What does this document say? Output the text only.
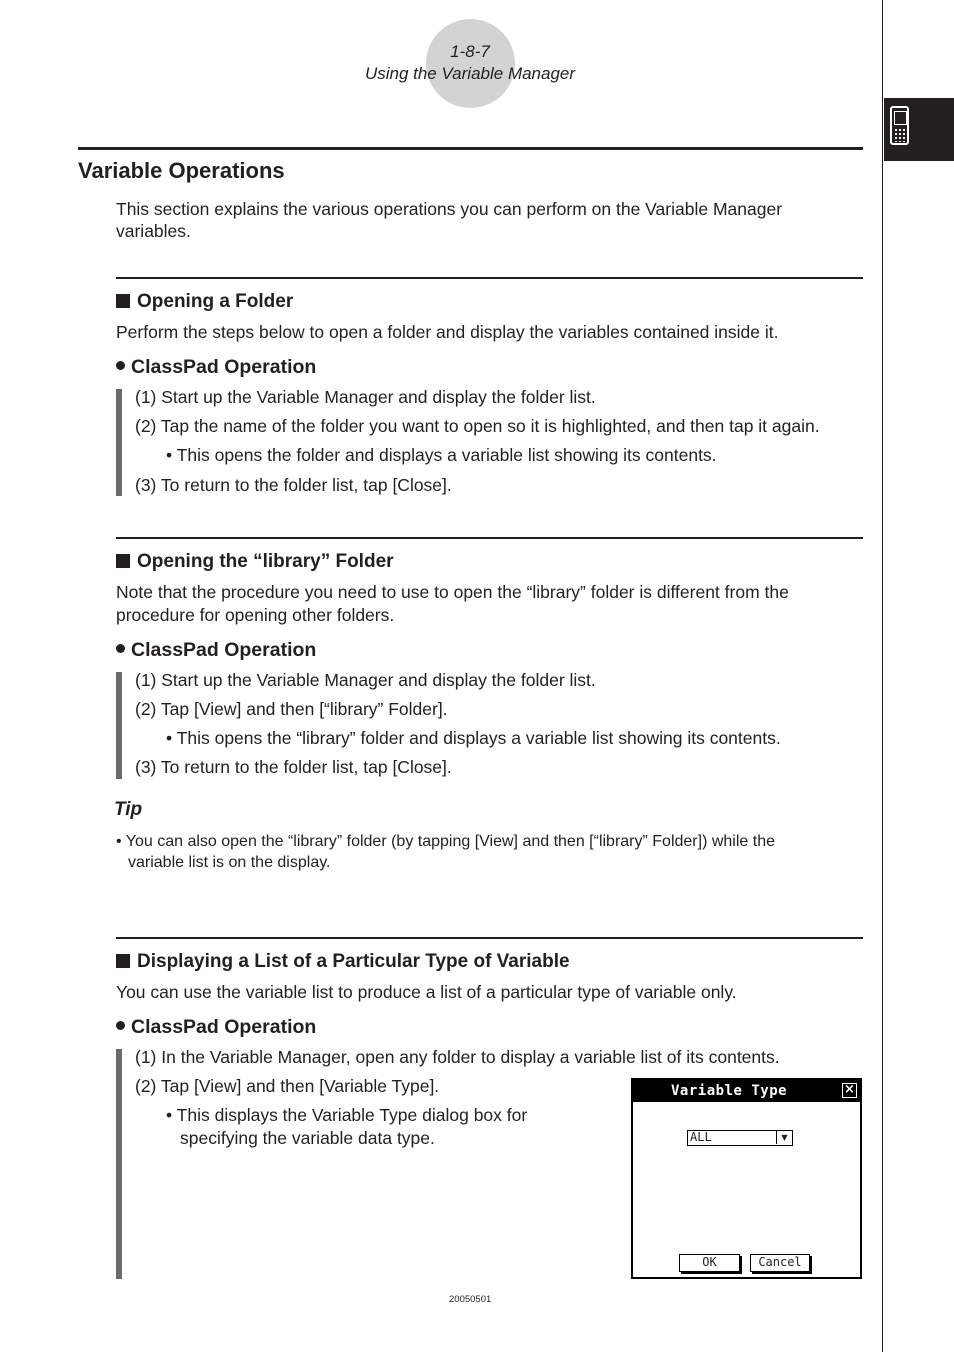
1-8-7
Using the Variable Manager
Variable Operations
This section explains the various operations you can perform on the Variable Manager
variables.
Opening a Folder
Perform the steps below to open a folder and display the variables contained inside it.
ClassPad Operation
(1) Start up the Variable Manager and display the folder list.
(2) Tap the name of the folder you want to open so it is highlighted, and then tap it again.
• This opens the folder and displays a variable list showing its contents.
(3) To return to the folder list, tap [Close].
Opening the “library” Folder
Note that the procedure you need to use to open the “library” folder is different from the
procedure for opening other folders.
ClassPad Operation
(1) Start up the Variable Manager and display the folder list.
(2) Tap [View] and then [“library” Folder].
• This opens the “library” folder and displays a variable list showing its contents.
(3) To return to the folder list, tap [Close].
Tip
• You can also open the “library” folder (by tapping [View] and then [“library” Folder]) while the
variable list is on the display.
Displaying a List of a Particular Type of Variable
You can use the variable list to produce a list of a particular type of variable only.
ClassPad Operation
(1) In the Variable Manager, open any folder to display a variable list of its contents.
(2) Tap [View] and then [Variable Type].
• This displays the Variable Type dialog box for
specifying the variable data type.
Variable Type	×
ALL	▼
OK	Cancel
20050501
